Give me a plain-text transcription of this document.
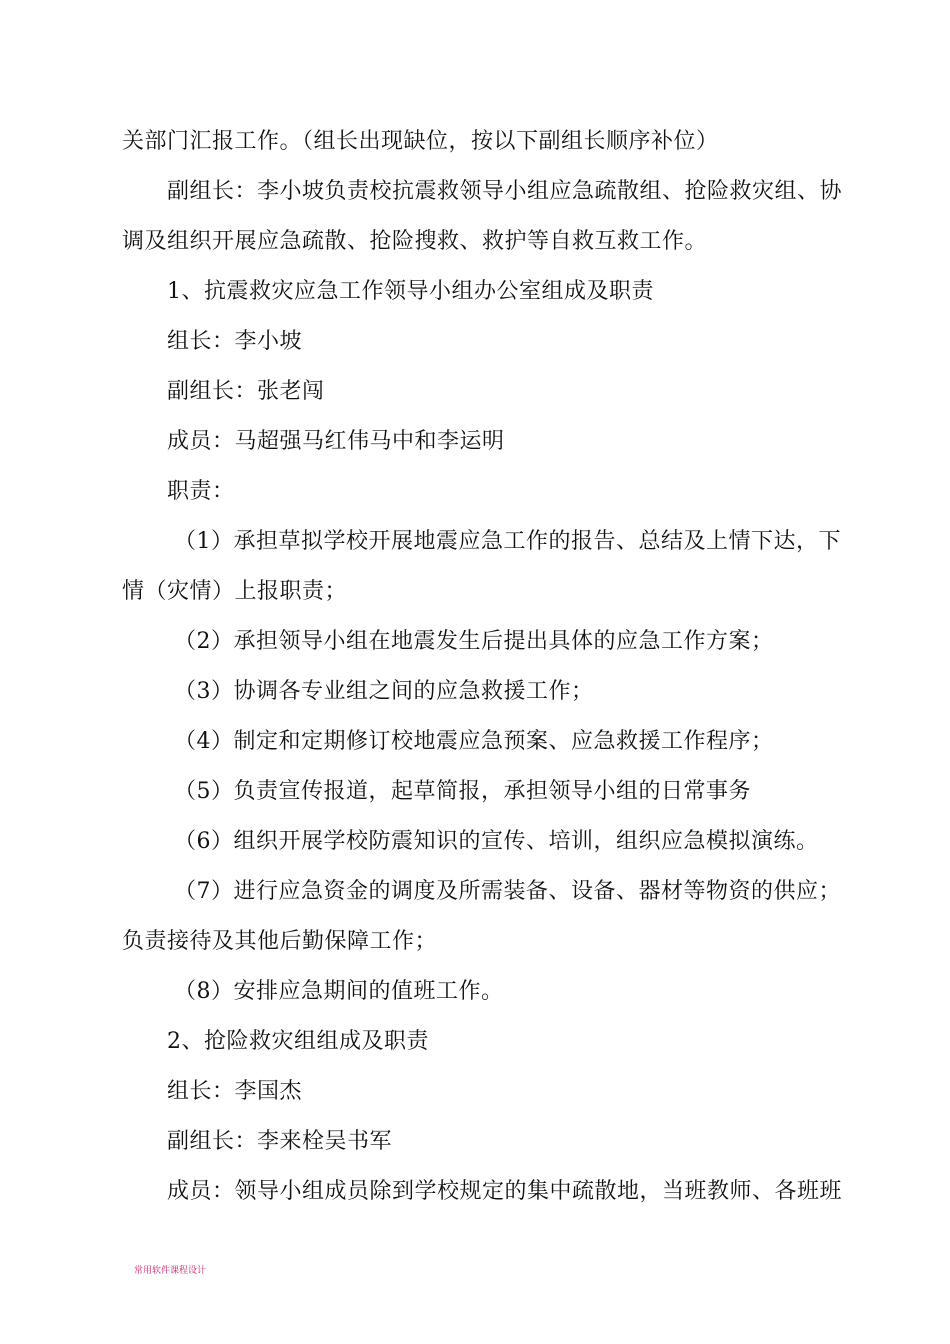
关部门汇报工作。（组长出现缺位，按以下副组长顺序补位）
副组长：李小坡负责校抗震救领导小组应急疏散组、抢险救灾组、协
调及组织开展应急疏散、抢险搜救、救护等自救互救工作。
1、抗震救灾应急工作领导小组办公室组成及职责
组长：李小坡
副组长：张老闯
成员：马超强马红伟马中和李运明
职责：
（1）承担草拟学校开展地震应急工作的报告、总结及上情下达，下
情（灾情）上报职责；
（2）承担领导小组在地震发生后提出具体的应急工作方案；
（3）协调各专业组之间的应急救援工作；
（4）制定和定期修订校地震应急预案、应急救援工作程序；
（5）负责宣传报道，起草简报，承担领导小组的日常事务
（6）组织开展学校防震知识的宣传、培训，组织应急模拟演练。
（7）进行应急资金的调度及所需装备、设备、器材等物资的供应；
负责接待及其他后勤保障工作；
（8）安排应急期间的值班工作。
2、抢险救灾组组成及职责
组长：李国杰
副组长：李来栓吴书军
成员：领导小组成员除到学校规定的集中疏散地，当班教师、各班班
常用软件课程设计
